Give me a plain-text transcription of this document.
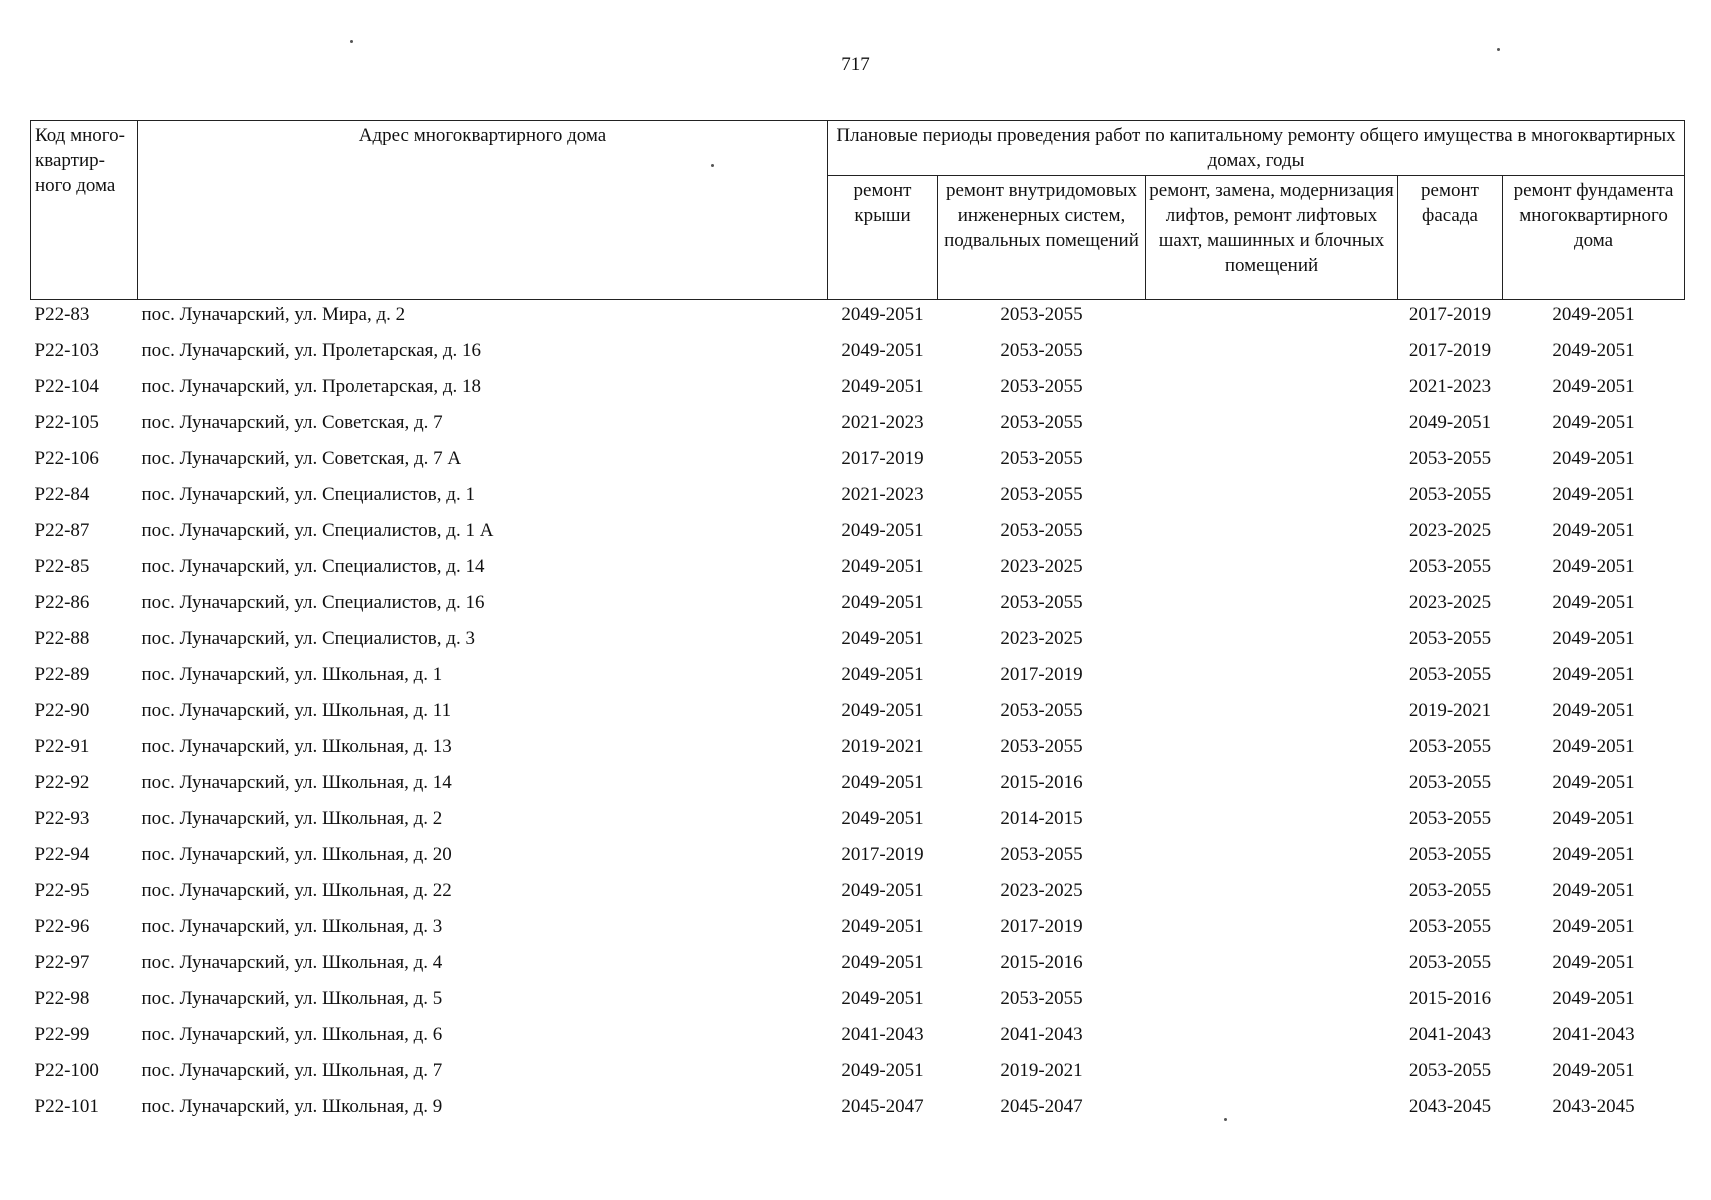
717
Код много-квартир-ного дома	Адрес многоквартирного дома	Плановые периоды проведения работ по капитальному ремонту общего имущества в многоквартирных домах, годы				
		ремонт крыши	ремонт внутридомовых инженерных систем, подвальных помещений	ремонт, замена, модернизация лифтов, ремонт лифтовых шахт, машинных и блочных помещений	ремонт фасада	ремонт фундамента многоквартирного дома
Р22-83	пос. Луначарский, ул. Мира, д. 2	2049-2051	2053-2055		2017-2019	2049-2051
Р22-103	пос. Луначарский, ул. Пролетарская, д. 16	2049-2051	2053-2055		2017-2019	2049-2051
Р22-104	пос. Луначарский, ул. Пролетарская, д. 18	2049-2051	2053-2055		2021-2023	2049-2051
Р22-105	пос. Луначарский, ул. Советская, д. 7	2021-2023	2053-2055		2049-2051	2049-2051
Р22-106	пос. Луначарский, ул. Советская, д. 7 А	2017-2019	2053-2055		2053-2055	2049-2051
Р22-84	пос. Луначарский, ул. Специалистов, д. 1	2021-2023	2053-2055		2053-2055	2049-2051
Р22-87	пос. Луначарский, ул. Специалистов, д. 1 А	2049-2051	2053-2055		2023-2025	2049-2051
Р22-85	пос. Луначарский, ул. Специалистов, д. 14	2049-2051	2023-2025		2053-2055	2049-2051
Р22-86	пос. Луначарский, ул. Специалистов, д. 16	2049-2051	2053-2055		2023-2025	2049-2051
Р22-88	пос. Луначарский, ул. Специалистов, д. 3	2049-2051	2023-2025		2053-2055	2049-2051
Р22-89	пос. Луначарский, ул. Школьная, д. 1	2049-2051	2017-2019		2053-2055	2049-2051
Р22-90	пос. Луначарский, ул. Школьная, д. 11	2049-2051	2053-2055		2019-2021	2049-2051
Р22-91	пос. Луначарский, ул. Школьная, д. 13	2019-2021	2053-2055		2053-2055	2049-2051
Р22-92	пос. Луначарский, ул. Школьная, д. 14	2049-2051	2015-2016		2053-2055	2049-2051
Р22-93	пос. Луначарский, ул. Школьная, д. 2	2049-2051	2014-2015		2053-2055	2049-2051
Р22-94	пос. Луначарский, ул. Школьная, д. 20	2017-2019	2053-2055		2053-2055	2049-2051
Р22-95	пос. Луначарский, ул. Школьная, д. 22	2049-2051	2023-2025		2053-2055	2049-2051
Р22-96	пос. Луначарский, ул. Школьная, д. 3	2049-2051	2017-2019		2053-2055	2049-2051
Р22-97	пос. Луначарский, ул. Школьная, д. 4	2049-2051	2015-2016		2053-2055	2049-2051
Р22-98	пос. Луначарский, ул. Школьная, д. 5	2049-2051	2053-2055		2015-2016	2049-2051
Р22-99	пос. Луначарский, ул. Школьная, д. 6	2041-2043	2041-2043		2041-2043	2041-2043
Р22-100	пос. Луначарский, ул. Школьная, д. 7	2049-2051	2019-2021		2053-2055	2049-2051
Р22-101	пос. Луначарский, ул. Школьная, д. 9	2045-2047	2045-2047		2043-2045	2043-2045
